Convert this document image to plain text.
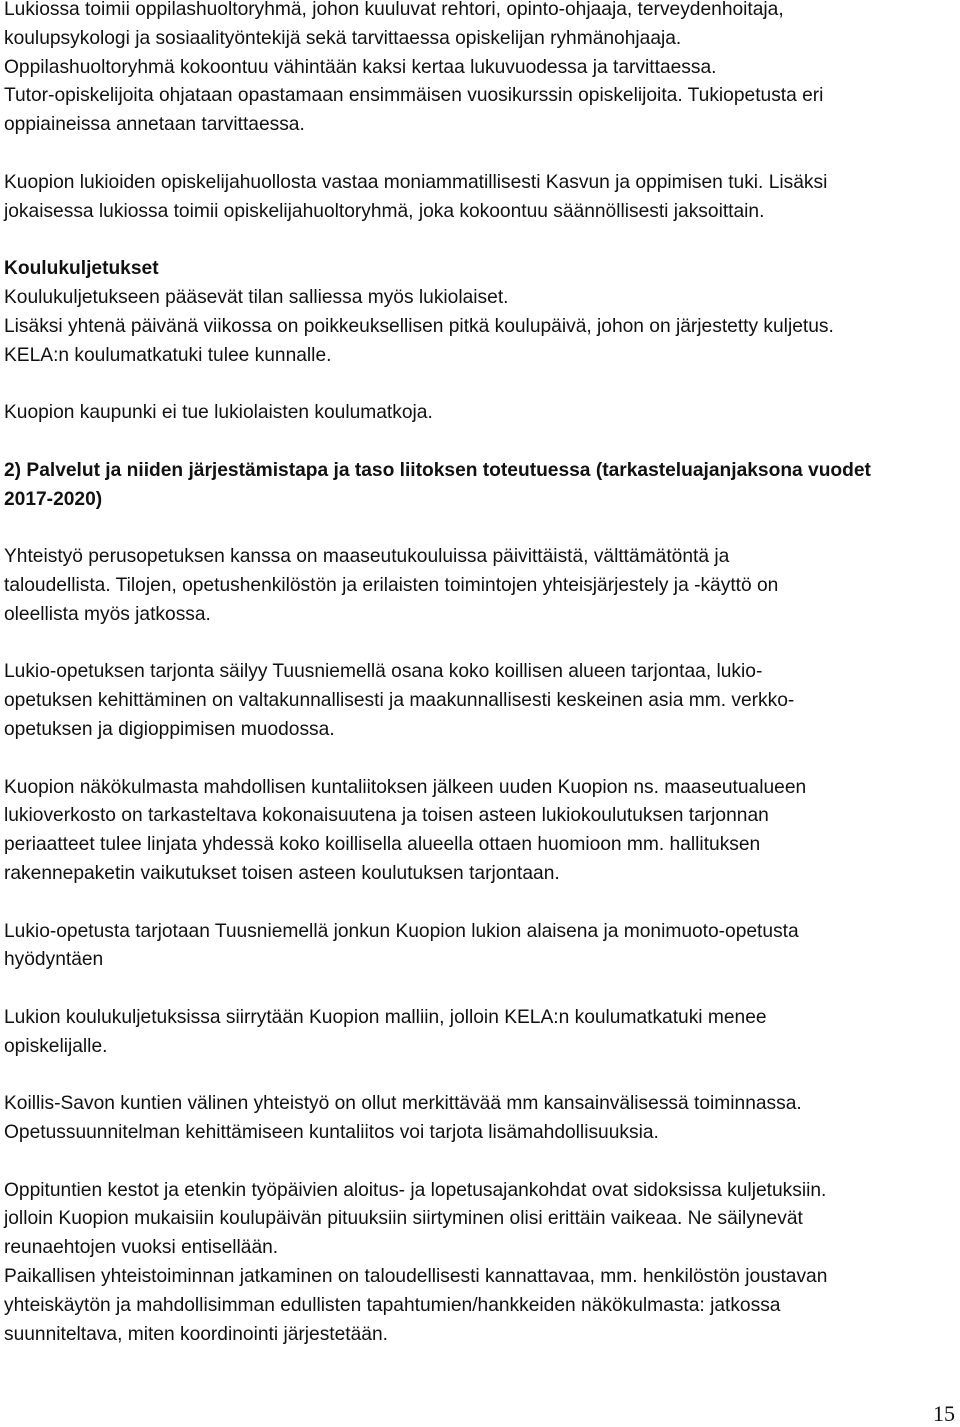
Lukiossa toimii oppilashuoltoryhmä, johon kuuluvat rehtori, opinto-ohjaaja, terveydenhoitaja,
koulupsykologi ja sosiaalityöntekijä sekä tarvittaessa opiskelijan ryhmänohjaaja.
Oppilashuoltoryhmä kokoontuu vähintään kaksi kertaa lukuvuodessa ja tarvittaessa.
Tutor-opiskelijoita ohjataan opastamaan ensimmäisen vuosikurssin opiskelijoita. Tukiopetusta eri
oppiaineissa annetaan tarvittaessa.

Kuopion lukioiden opiskelijahuollosta vastaa moniammatillisesti Kasvun ja oppimisen tuki. Lisäksi
jokaisessa lukiossa toimii opiskelijahuoltoryhmä, joka kokoontuu säännöllisesti jaksoittain.

Koulukuljetukset
Koulukuljetukseen pääsevät tilan salliessa myös lukiolaiset.
Lisäksi yhtenä päivänä viikossa on poikkeuksellisen pitkä koulupäivä, johon on järjestetty kuljetus.
KELA:n koulumatkatuki tulee kunnalle.

Kuopion kaupunki ei tue lukiolaisten koulumatkoja.

2) Palvelut ja niiden järjestämistapa ja taso liitoksen toteutuessa (tarkasteluajanjaksona vuodet
2017-2020)

Yhteistyö perusopetuksen kanssa on maaseutukouluissa päivittäistä, välttämätöntä ja
taloudellista. Tilojen, opetushenkilöstön ja erilaisten toimintojen yhteisjärjestely ja -käyttö on
oleellista myös jatkossa.

Lukio-opetuksen tarjonta säilyy Tuusniemellä osana koko koillisen alueen tarjontaa, lukio-
opetuksen kehittäminen on valtakunnallisesti ja maakunnallisesti keskeinen asia mm. verkko-
opetuksen ja digioppimisen muodossa.

Kuopion näkökulmasta mahdollisen kuntaliitoksen jälkeen uuden Kuopion ns. maaseutualueen
lukioverkosto on tarkasteltava kokonaisuutena ja toisen asteen lukiokoulutuksen tarjonnan
periaatteet tulee linjata yhdessä koko koillisella alueella ottaen huomioon mm. hallituksen
rakennepaketin vaikutukset toisen asteen koulutuksen tarjontaan.

Lukio-opetusta tarjotaan Tuusniemellä jonkun Kuopion lukion alaisena ja monimuoto-opetusta
hyödyntäen

Lukion koulukuljetuksissa siirrytään Kuopion malliin, jolloin KELA:n koulumatkatuki menee
opiskelijalle.

Koillis-Savon kuntien välinen yhteistyö on ollut merkittävää mm kansainvälisessä toiminnassa.
Opetussuunnitelman kehittämiseen kuntaliitos voi tarjota lisämahdollisuuksia.

Oppituntien kestot ja etenkin työpäivien aloitus- ja lopetusajankohdat ovat sidoksissa kuljetuksiin.
jolloin Kuopion mukaisiin koulupäivän pituuksiin siirtyminen olisi erittäin vaikeaa. Ne säilynevät
reunaehtojen vuoksi entisellään.
Paikallisen yhteistoiminnan jatkaminen on taloudellisesti kannattavaa, mm. henkilöstön joustavan
yhteiskäytön ja mahdollisimman edullisten tapahtumien/hankkeiden näkökulmasta: jatkossa
suunniteltava, miten koordinointi järjestetään.

15
